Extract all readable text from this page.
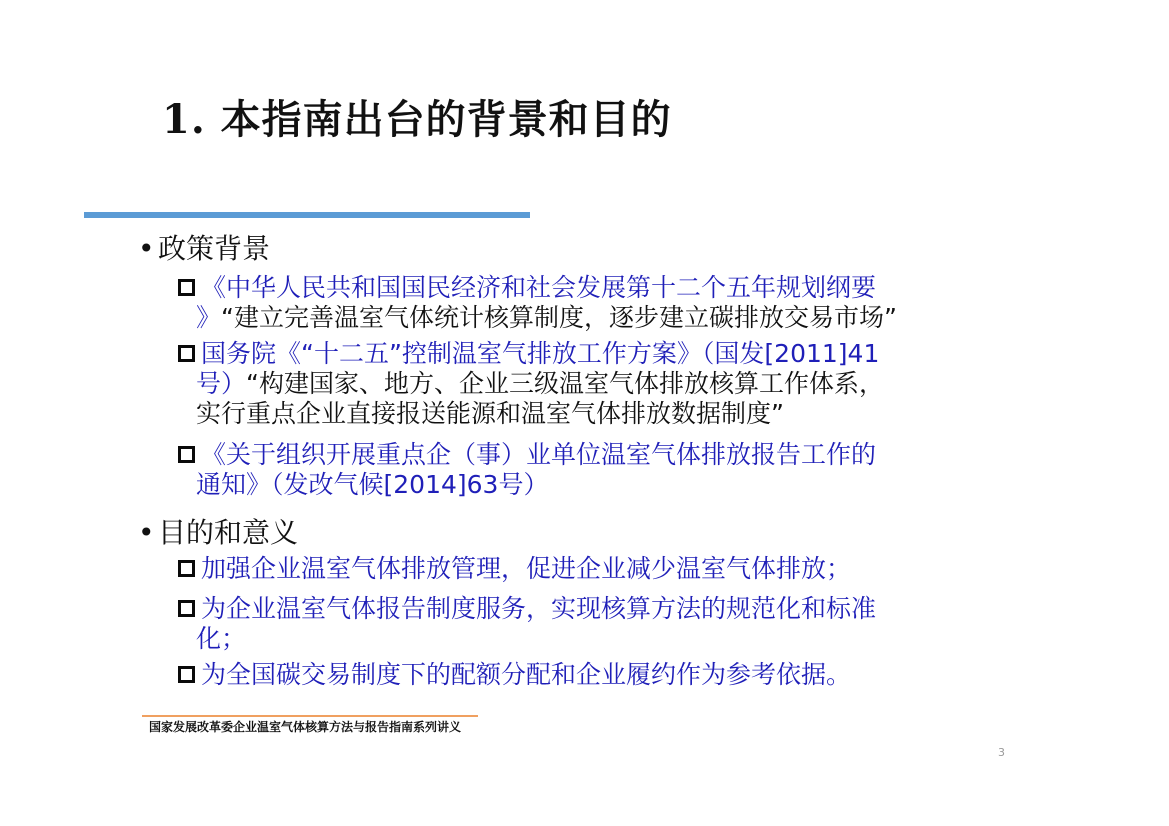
1. 本指南出台的背景和目的
• 政策背景
《中华人民共和国国民经济和社会发展第十二个五年规划纲要
》“建立完善温室气体统计核算制度，逐步建立碳排放交易市场”
国务院《“十二五”控制温室气排放工作方案》（国发[2011]41
号）“构建国家、地方、企业三级温室气体排放核算工作体系，
实行重点企业直接报送能源和温室气体排放数据制度”
《关于组织开展重点企（事）业单位温室气体排放报告工作的
通知》（发改气候[2014]63号）
• 目的和意义
加强企业温室气体排放管理，促进企业减少温室气体排放；
为企业温室气体报告制度服务，实现核算方法的规范化和标准
化；
为全国碳交易制度下的配额分配和企业履约作为参考依据。
国家发展改革委企业温室气体核算方法与报告指南系列讲义
3
